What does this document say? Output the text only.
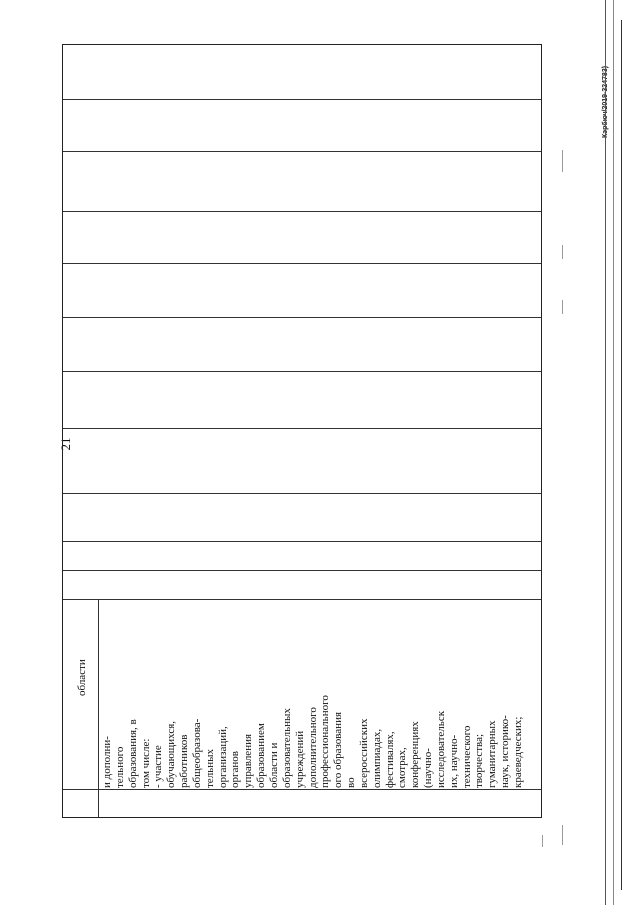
21
области
и дополни- тельного образования, в том числе: - участие обучающихся, работников общеобразова- тельных организаций, органов управления образованием области и образовательных учреждений дополнительного профессионального ого образования во всероссийских олимпиадах, фестивалях, смотрах, конференциях (научно- исследовательск их, научно- технического творчества; гуманитарных наук, историко- краеведческих;
Кэрбюч/2019-324783)
